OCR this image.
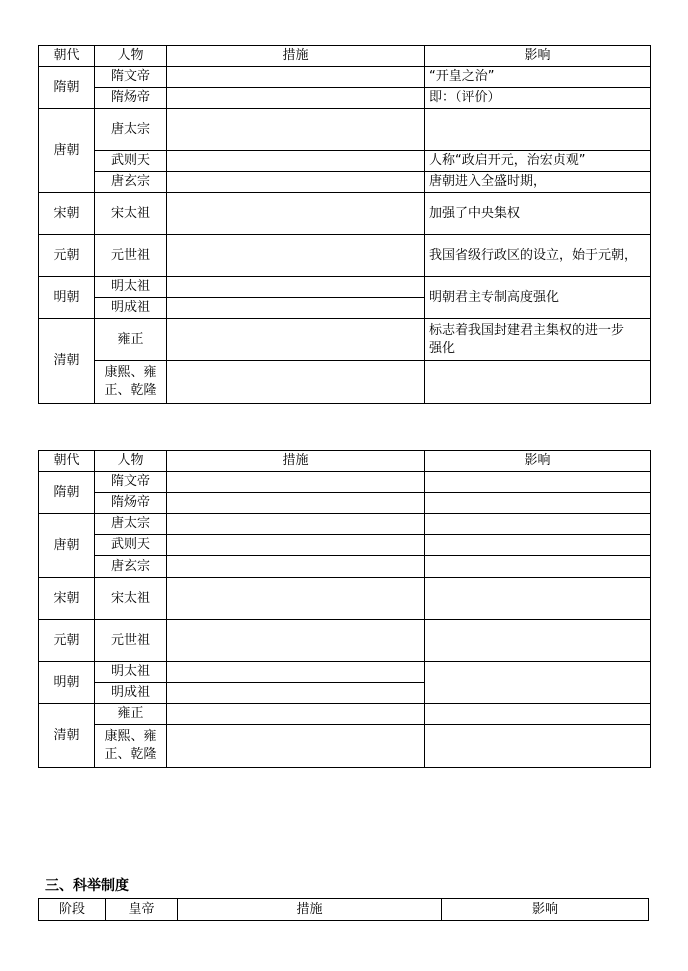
朝代	人物	措施	影响
隋朝	隋文帝		“开皇之治”
	隋炀帝		即：（评价）
唐朝	唐太宗		
	武则天		人称“政启开元，治宏贞观”
	唐玄宗		唐朝进入全盛时期，
宋朝	宋太祖		加强了中央集权
元朝	元世祖		我国省级行政区的设立，始于元朝，
明朝	明太祖		明朝君主专制高度强化
	明成祖		
清朝	雍正		标志着我国封建君主集权的进一步
强化

	康熙、雍
正、乾隆		

朝代	人物	措施	影响
隋朝	隋文帝		
	隋炀帝		
唐朝	唐太宗		
	武则天		
	唐玄宗		
宋朝	宋太祖		
元朝	元世祖		
明朝	明太祖		
	明成祖		
清朝	雍正		

	康熙、雍
正、乾隆		

三、科举制度
阶段	皇帝	措施	影响
